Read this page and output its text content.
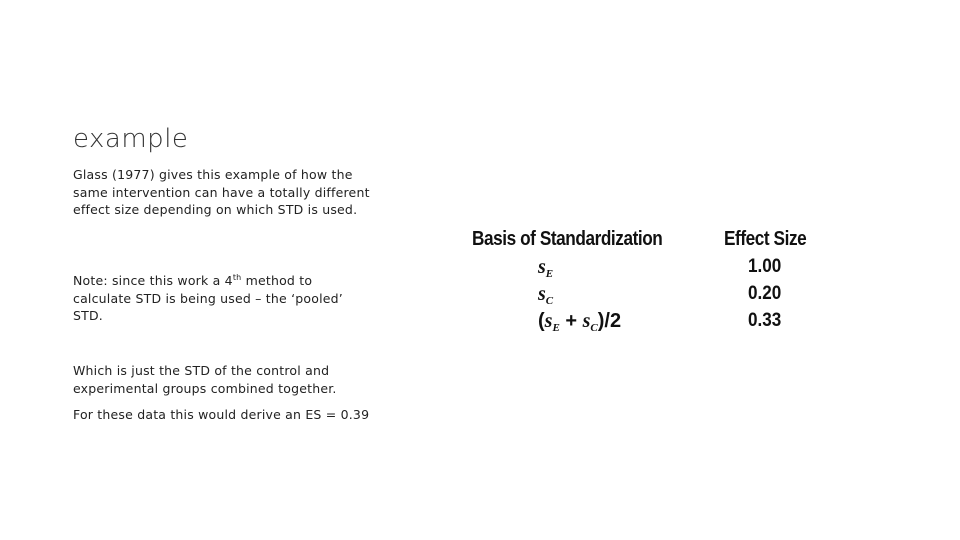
example
Glass (1977) gives this example of how the same intervention can have a totally different effect size depending on which STD is used.
Note: since this work a 4th method to calculate STD is being used – the ‘pooled’ STD.
Which is just the STD of the control and experimental groups combined together.
For these data this would derive an ES = 0.39
Basis of Standardization	Effect Size
$s_E$	1.00
$s_C$	0.20
$(s_E + s_C)/2$	0.33
